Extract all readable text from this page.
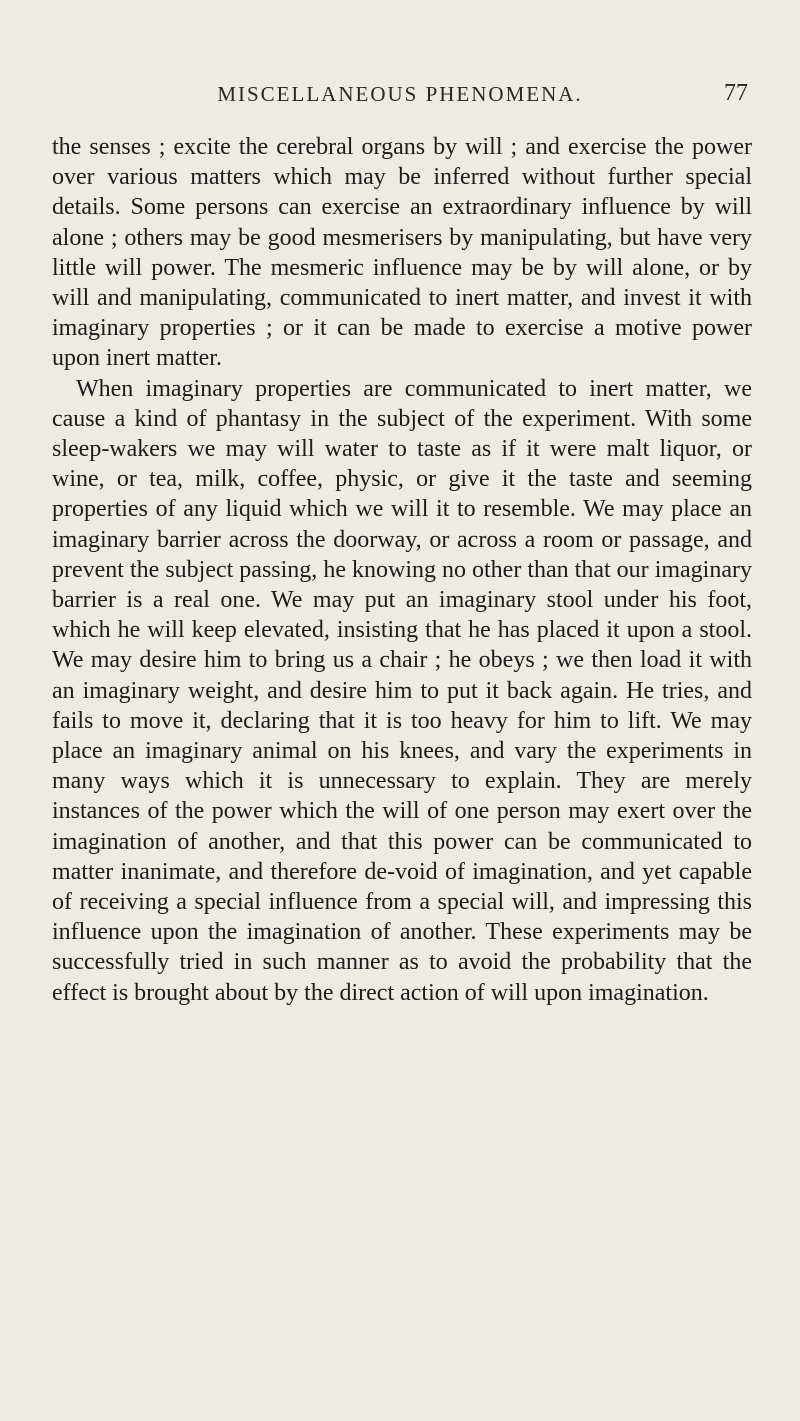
MISCELLANEOUS PHENOMENA.	77

the senses ; excite the cerebral organs by will ; and exercise the power over various matters which may be inferred without further special details. Some persons can exercise an extraordinary influence by will alone ; others may be good mesmerisers by manipulating, but have very little will power. The mesmeric influence may be by will alone, or by will and manipulating, communicated to inert matter, and invest it with imaginary properties ; or it can be made to exercise a motive power upon inert matter.

When imaginary properties are communicated to inert matter, we cause a kind of phantasy in the subject of the experiment. With some sleep-wakers we may will water to taste as if it were malt liquor, or wine, or tea, milk, coffee, physic, or give it the taste and seeming properties of any liquid which we will it to resemble. We may place an imaginary barrier across the doorway, or across a room or passage, and prevent the subject passing, he knowing no other than that our imaginary barrier is a real one. We may put an imaginary stool under his foot, which he will keep elevated, insisting that he has placed it upon a stool. We may desire him to bring us a chair ; he obeys ; we then load it with an imaginary weight, and desire him to put it back again. He tries, and fails to move it, declaring that it is too heavy for him to lift. We may place an imaginary animal on his knees, and vary the experiments in many ways which it is unnecessary to explain. They are merely instances of the power which the will of one person may exert over the imagination of another, and that this power can be communicated to matter inanimate, and therefore de-void of imagination, and yet capable of receiving a special influence from a special will, and impressing this influence upon the imagination of another. These experiments may be successfully tried in such manner as to avoid the probability that the effect is brought about by the direct action of will upon imagination.
